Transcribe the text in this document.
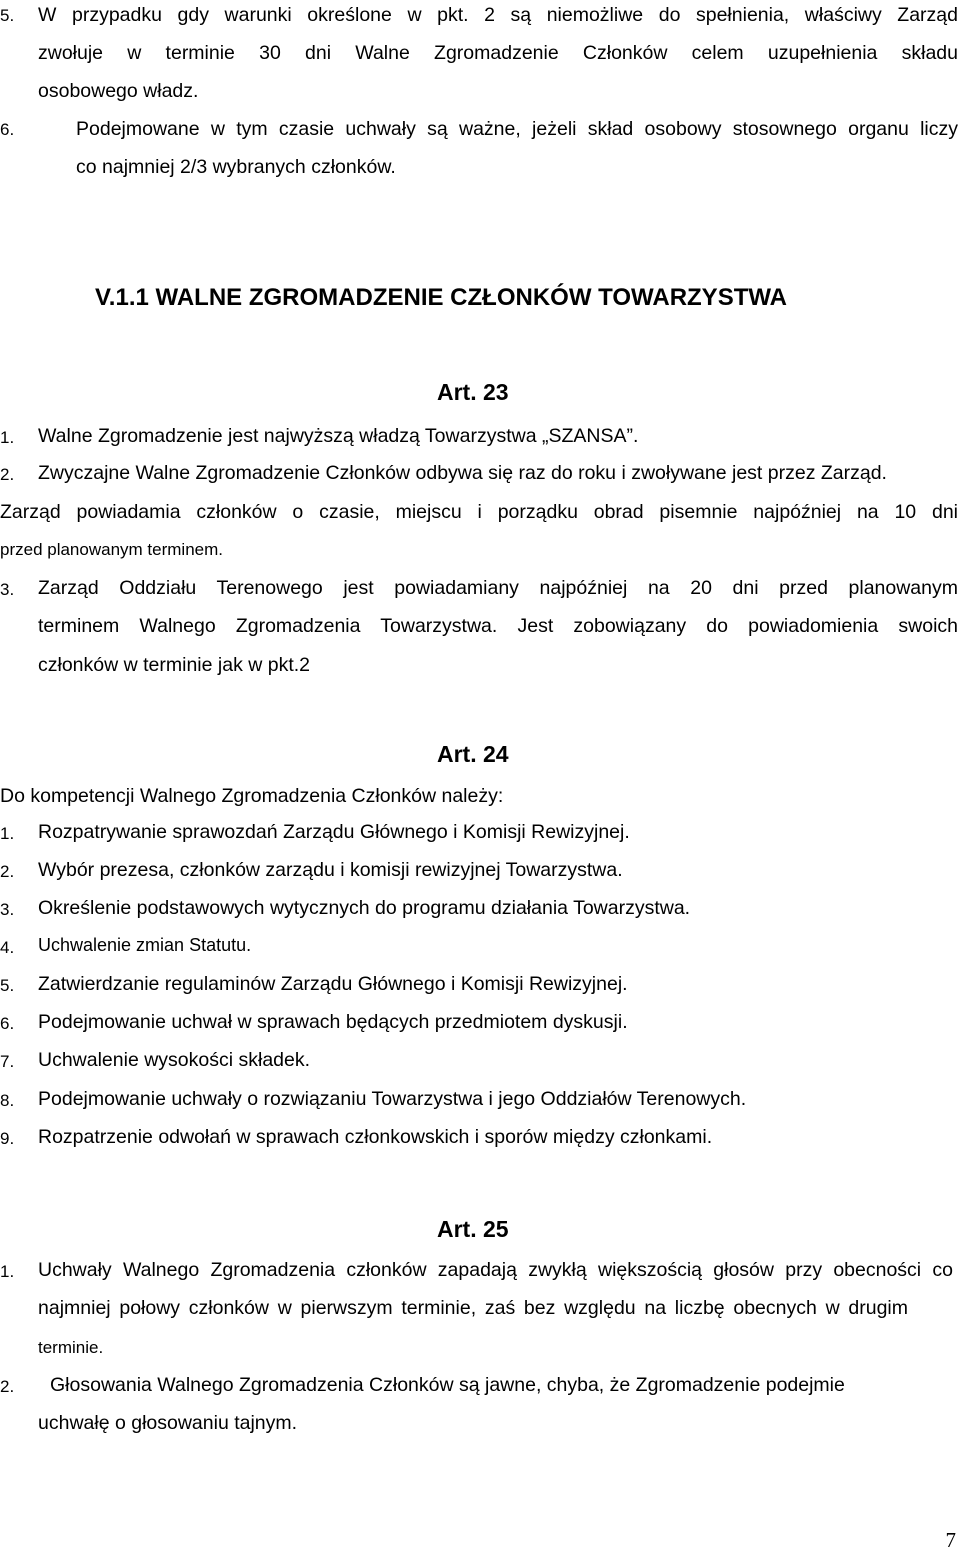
5. W przypadku gdy warunki określone w pkt. 2 są niemożliwe do spełnienia, właściwy Zarząd
zwołuje w terminie 30 dni Walne Zgromadzenie Członków celem uzupełnienia składu
osobowego władz.
6.	Podejmowane w tym czasie uchwały są ważne, jeżeli skład osobowy stosownego organu liczy
co najmniej 2/3 wybranych członków.
V.1.1 WALNE ZGROMADZENIE CZŁONKÓW TOWARZYSTWA
Art. 23
1. Walne Zgromadzenie jest najwyższą władzą Towarzystwa „SZANSA”.
2. Zwyczajne Walne Zgromadzenie Członków odbywa się raz do roku i zwoływane jest przez Zarząd.
Zarząd powiadamia członków o czasie, miejscu i porządku obrad pisemnie najpóźniej na 10 dni
przed planowanym terminem.
3. Zarząd Oddziału Terenowego jest powiadamiany najpóźniej na 20 dni przed planowanym
terminem Walnego Zgromadzenia Towarzystwa. Jest zobowiązany do powiadomienia swoich
członków w terminie jak w pkt.2
Art. 24
Do kompetencji Walnego Zgromadzenia Członków należy:
1. Rozpatrywanie sprawozdań Zarządu Głównego i Komisji Rewizyjnej.
2. Wybór prezesa, członków zarządu i komisji rewizyjnej Towarzystwa.
3. Określenie podstawowych wytycznych do programu działania Towarzystwa.
4. Uchwalenie zmian Statutu.
5. Zatwierdzanie regulaminów Zarządu Głównego i Komisji Rewizyjnej.
6. Podejmowanie uchwał w sprawach będących przedmiotem dyskusji.
7. Uchwalenie wysokości składek.
8. Podejmowanie uchwały o rozwiązaniu Towarzystwa i jego Oddziałów Terenowych.
9. Rozpatrzenie odwołań w sprawach członkowskich i sporów między członkami.
Art. 25
1. Uchwały Walnego Zgromadzenia członków zapadają zwykłą większością głosów przy obecności co
najmniej połowy członków w pierwszym terminie, zaś bez względu na liczbę obecnych w drugim
terminie.
2. Głosowania Walnego Zgromadzenia Członków są jawne, chyba, że Zgromadzenie podejmie
uchwałę o głosowaniu tajnym.
7
